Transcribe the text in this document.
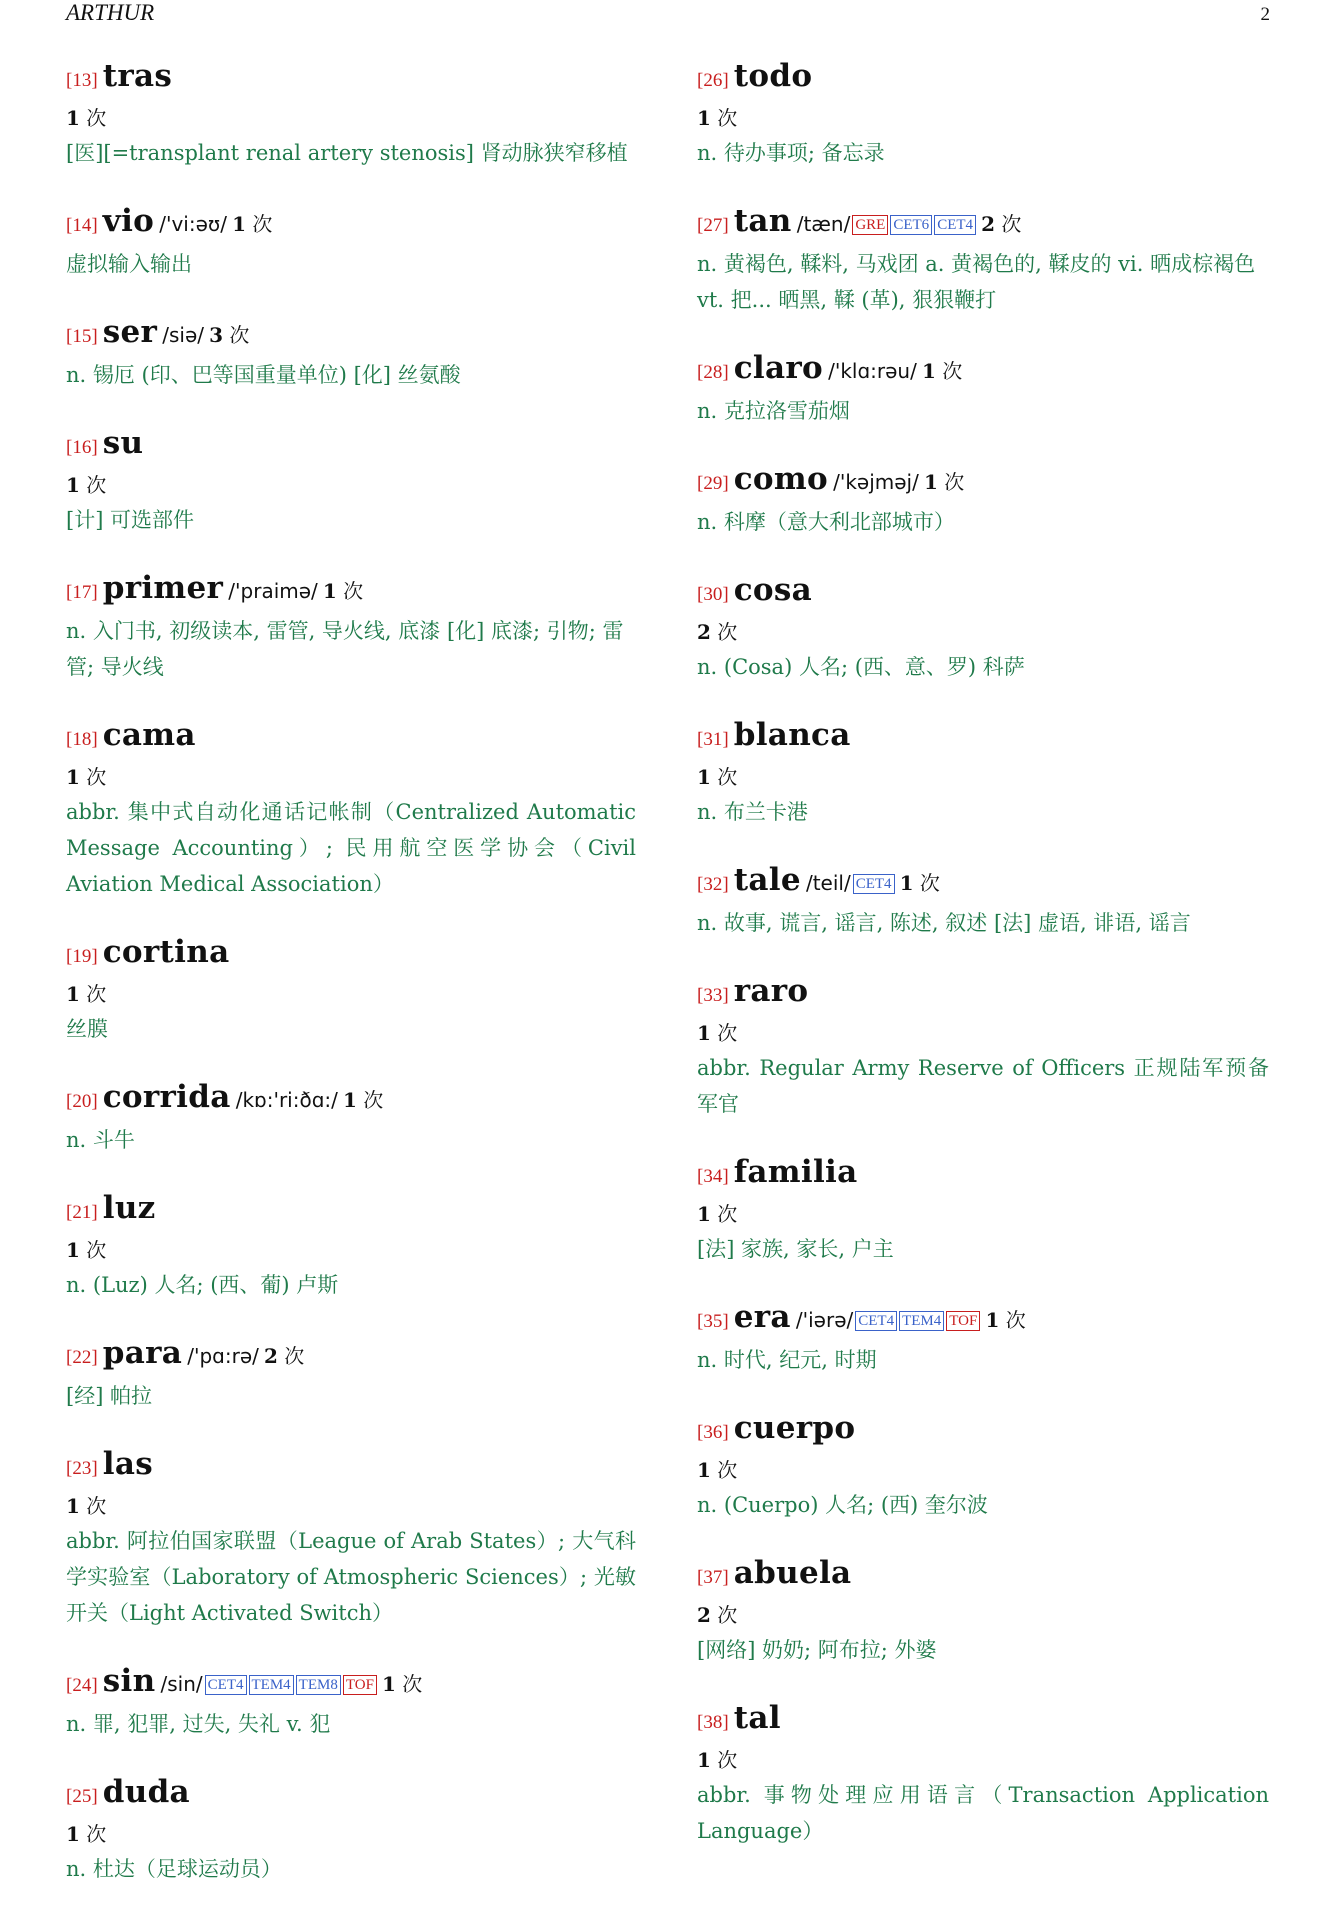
ARTHUR	2
[13] tras
1 次
[医][=transplant renal artery stenosis] 肾动脉狭窄移植
[14] vio /'vi:əʊ/ 1 次
虚拟输入输出
[15] ser /siə/ 3 次
n. 锡厄 (印、巴等国重量单位) [化] 丝氨酸
[16] su
1 次
[计] 可选部件
[17] primer /'praimə/ 1 次
n. 入门书, 初级读本, 雷管, 导火线, 底漆 [化] 底漆; 引物; 雷管; 导火线
[18] cama
1 次
abbr. 集中式自动化通话记帐制（Centralized Automatic Message Accounting）; 民用航空医学协会（Civil Aviation Medical Association）
[19] cortina
1 次
丝膜
[20] corrida /kɒ:'ri:ðɑ:/ 1 次
n. 斗牛
[21] luz
1 次
n. (Luz) 人名; (西、葡) 卢斯
[22] para /'pɑ:rə/ 2 次
[经] 帕拉
[23] las
1 次
abbr. 阿拉伯国家联盟（League of Arab States）; 大气科学实验室（Laboratory of Atmospheric Sciences）; 光敏开关（Light Activated Switch）
[24] sin /sin/ CET4 TEM4 TEM8 TOF 1 次
n. 罪, 犯罪, 过失, 失礼 v. 犯
[25] duda
1 次
n. 杜达（足球运动员）
[26] todo
1 次
n. 待办事项; 备忘录
[27] tan /tæn/ GRE CET6 CET4 2 次
n. 黄褐色, 鞣料, 马戏团 a. 黄褐色的, 鞣皮的 vi. 晒成棕褐色 vt. 把... 晒黑, 鞣 (革), 狠狠鞭打
[28] claro /'klɑ:rəu/ 1 次
n. 克拉洛雪茄烟
[29] como /'kəjməj/ 1 次
n. 科摩（意大利北部城市）
[30] cosa
2 次
n. (Cosa) 人名; (西、意、罗) 科萨
[31] blanca
1 次
n. 布兰卡港
[32] tale /teil/ CET4 1 次
n. 故事, 谎言, 谣言, 陈述, 叙述 [法] 虚语, 诽语, 谣言
[33] raro
1 次
abbr. Regular Army Reserve of Officers 正规陆军预备军官
[34] familia
1 次
[法] 家族, 家长, 户主
[35] era /'iərə/ CET4 TEM4 TOF 1 次
n. 时代, 纪元, 时期
[36] cuerpo
1 次
n. (Cuerpo) 人名; (西) 奎尔波
[37] abuela
2 次
[网络] 奶奶; 阿布拉; 外婆
[38] tal
1 次
abbr. 事物处理应用语言（Transaction Application Language）
